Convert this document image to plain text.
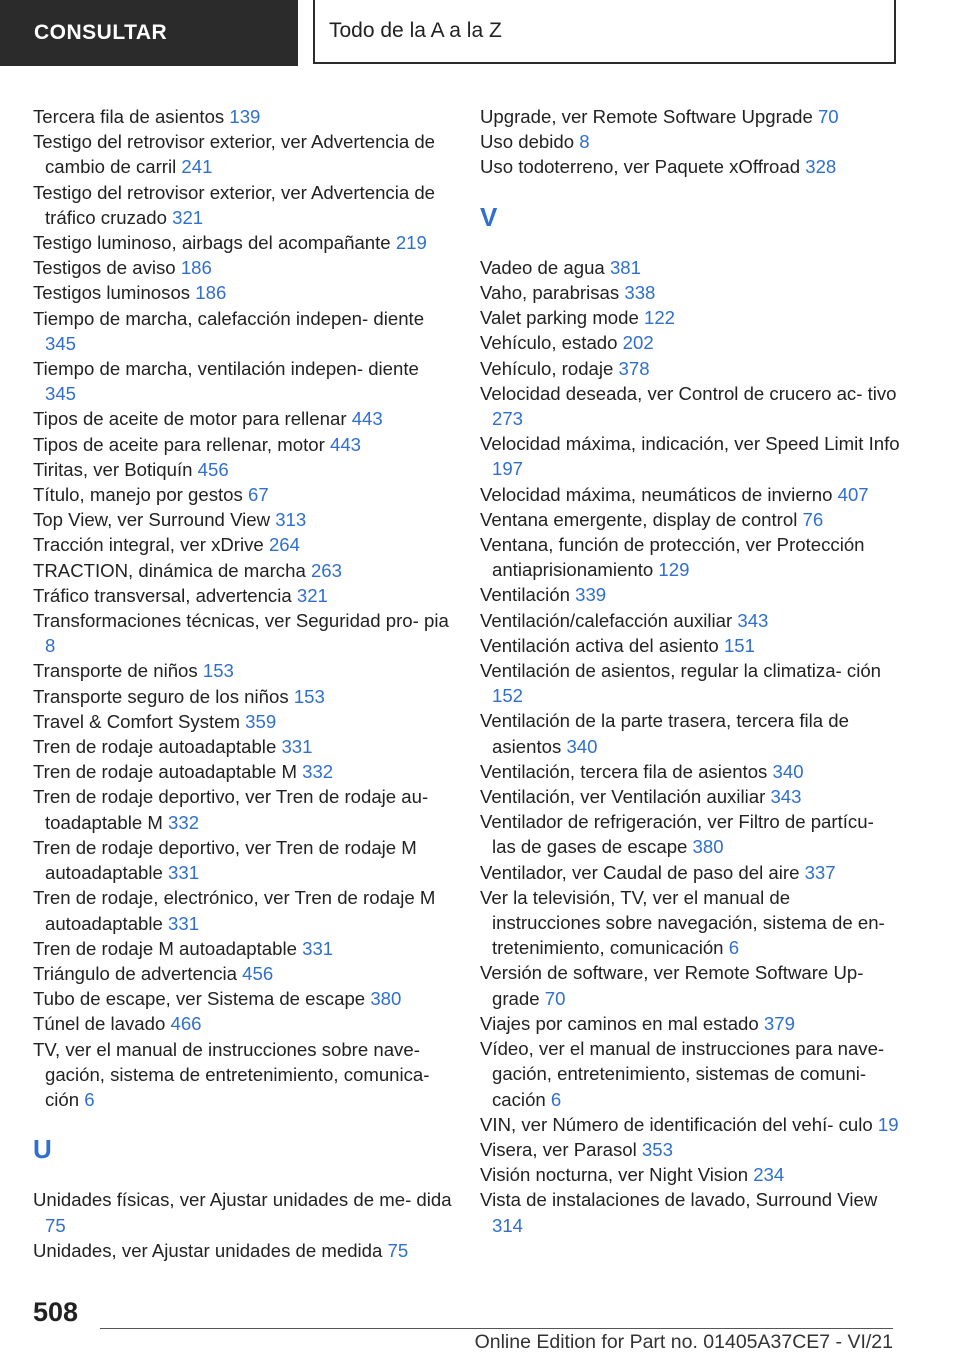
CONSULTAR	Todo de la A a la Z

Tercera fila de asientos 139

Testigo del retrovisor exterior, ver Advertencia de cambio de carril 241

Testigo del retrovisor exterior, ver Advertencia de tráfico cruzado 321

Testigo luminoso, airbags del acompañante 219

Testigos de aviso 186

Testigos luminosos 186

Tiempo de marcha, calefacción indepen‐ diente 345

Tiempo de marcha, ventilación indepen‐ diente 345

Tipos de aceite de motor para rellenar 443

Tipos de aceite para rellenar, motor 443

Tiritas, ver Botiquín 456

Título, manejo por gestos 67

Top View, ver Surround View 313

Tracción integral, ver xDrive 264

TRACTION, dinámica de marcha 263

Tráfico transversal, advertencia 321

Transformaciones técnicas, ver Seguridad pro‐ pia 8

Transporte de niños 153

Transporte seguro de los niños 153

Travel & Comfort System 359

Tren de rodaje autoadaptable 331

Tren de rodaje autoadaptable M 332

Tren de rodaje deportivo, ver Tren de rodaje au‐ toadaptable M 332

Tren de rodaje deportivo, ver Tren de rodaje M autoadaptable 331

Tren de rodaje, electrónico, ver Tren de rodaje M autoadaptable 331

Tren de rodaje M autoadaptable 331

Triángulo de advertencia 456

Tubo de escape, ver Sistema de escape 380

Túnel de lavado 466

TV, ver el manual de instrucciones sobre nave‐ gación, sistema de entretenimiento, comunica‐ ción 6

U

Unidades físicas, ver Ajustar unidades de me‐ dida 75

Unidades, ver Ajustar unidades de medida 75

Upgrade, ver Remote Software Upgrade 70

Uso debido 8

Uso todoterreno, ver Paquete xOffroad 328

V

Vadeo de agua 381

Vaho, parabrisas 338

Valet parking mode 122

Vehículo, estado 202

Vehículo, rodaje 378

Velocidad deseada, ver Control de crucero ac‐ tivo 273

Velocidad máxima, indicación, ver Speed Limit Info 197

Velocidad máxima, neumáticos de invierno 407

Ventana emergente, display de control 76

Ventana, función de protección, ver Protección antiaprisionamiento 129

Ventilación 339

Ventilación/calefacción auxiliar 343

Ventilación activa del asiento 151

Ventilación de asientos, regular la climatiza‐ ción 152

Ventilación de la parte trasera, tercera fila de asientos 340

Ventilación, tercera fila de asientos 340

Ventilación, ver Ventilación auxiliar 343

Ventilador de refrigeración, ver Filtro de partícu‐ las de gases de escape 380

Ventilador, ver Caudal de paso del aire 337

Ver la televisión, TV, ver el manual de instrucciones sobre navegación, sistema de en‐ tretenimiento, comunicación 6

Versión de software, ver Remote Software Up‐ grade 70

Viajes por caminos en mal estado 379

Vídeo, ver el manual de instrucciones para nave‐ gación, entretenimiento, sistemas de comuni‐ cación 6

VIN, ver Número de identificación del vehí‐ culo 19

Visera, ver Parasol 353

Visión nocturna, ver Night Vision 234

Vista de instalaciones de lavado, Surround View 314

508
Online Edition for Part no. 01405A37CE7 - VI/21
